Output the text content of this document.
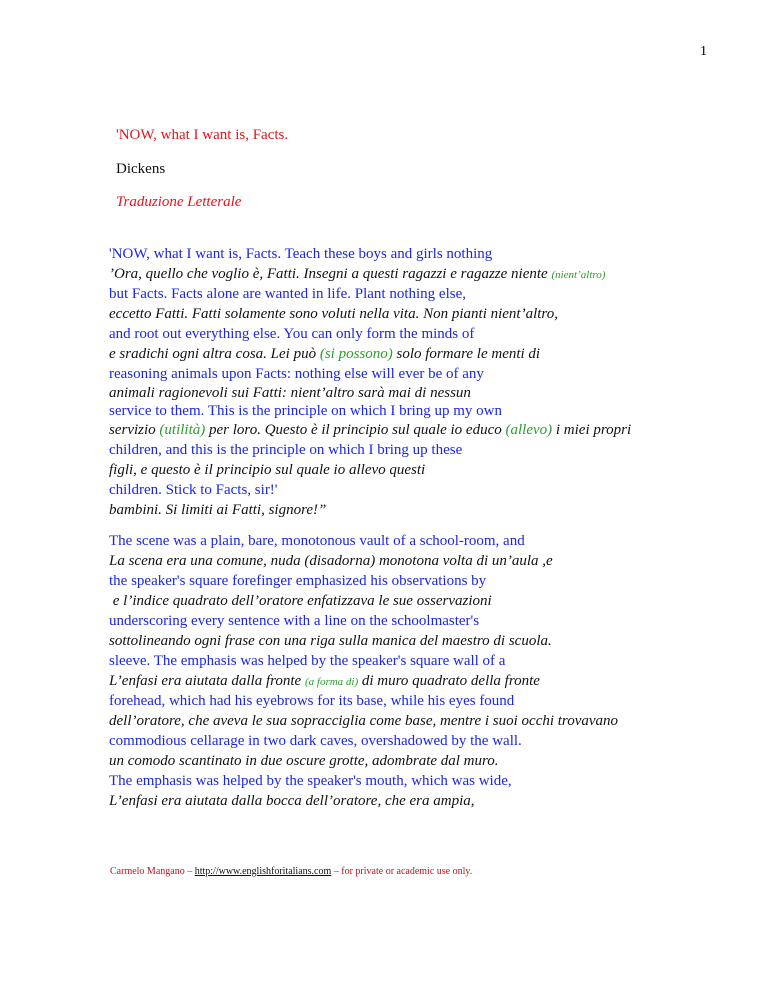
1
'NOW, what I want is, Facts.
Dickens
Traduzione Letterale
'NOW, what I want is, Facts. Teach these boys and girls nothing
’Ora, quello che voglio è, Fatti. Insegni a questi ragazzi e ragazze niente (nient’altro)
but Facts. Facts alone are wanted in life. Plant nothing else,
eccetto Fatti. Fatti solamente sono voluti nella vita. Non pianti nient’altro,
and root out everything else. You can only form the minds of
e sradichi ogni altra cosa. Lei può (si possono) solo formare le menti di
reasoning animals upon Facts: nothing else will ever be of any
animali ragionevoli sui Fatti: nient’altro sarà mai di nessun
service to them. This is the principle on which I bring up my own
servizio (utilità) per loro. Questo è il principio sul quale io educo (allevo) i miei propri
children, and this is the principle on which I bring up these
figli, e questo è il principio sul quale io allevo questi
children. Stick to Facts, sir!'
bambini. Si limiti ai Fatti, signore!”
The scene was a plain, bare, monotonous vault of a school-room, and
La scena era una comune, nuda (disadorna) monotona volta di un’aula ,e
the speaker's square forefinger emphasized his observations by
e l’indice quadrato dell’oratore enfatizzava le sue osservazioni
underscoring every sentence with a line on the schoolmaster's
sottolineando ogni frase con una riga sulla manica del maestro di scuola.
sleeve. The emphasis was helped by the speaker's square wall of a
L’enfasi era aiutata dalla fronte (a forma di) di muro quadrato della fronte
forehead, which had his eyebrows for its base, while his eyes found
dell’oratore, che aveva le sua sopracciglia come base, mentre i suoi occhi trovavano
commodious cellarage in two dark caves, overshadowed by the wall.
un comodo scantinato in due oscure grotte, adombrate dal muro.
The emphasis was helped by the speaker's mouth, which was wide,
L’enfasi era aiutata dalla bocca dell’oratore, che era ampia,
Carmelo Mangano – http://www.englishforitalians.com – for private or academic use only.
